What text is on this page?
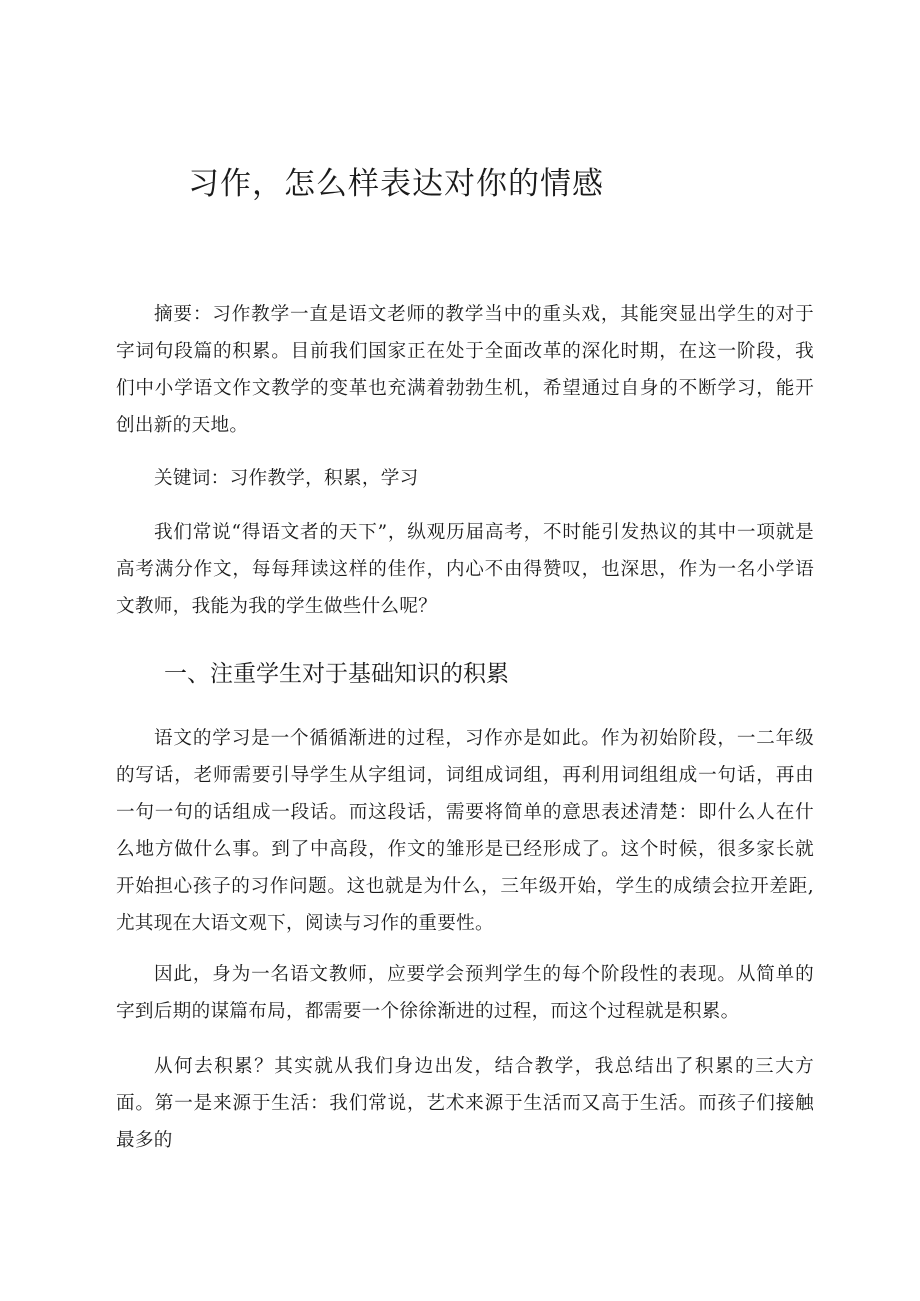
习作，怎么样表达对你的情感

摘要：习作教学一直是语文老师的教学当中的重头戏，其能突显出学生的对于字词句段篇的积累。目前我们国家正在处于全面改革的深化时期，在这一阶段，我们中小学语文作文教学的变革也充满着勃勃生机，希望通过自身的不断学习，能开创出新的天地。

关键词：习作教学，积累，学习

我们常说“得语文者的天下”，纵观历届高考，不时能引发热议的其中一项就是高考满分作文，每每拜读这样的佳作，内心不由得赞叹，也深思，作为一名小学语文教师，我能为我的学生做些什么呢？

一、注重学生对于基础知识的积累

语文的学习是一个循循渐进的过程，习作亦是如此。作为初始阶段，一二年级的写话，老师需要引导学生从字组词，词组成词组，再利用词组组成一句话，再由一句一句的话组成一段话。而这段话，需要将简单的意思表述清楚：即什么人在什么地方做什么事。到了中高段，作文的雏形是已经形成了。这个时候，很多家长就开始担心孩子的习作问题。这也就是为什么，三年级开始，学生的成绩会拉开差距,尤其现在大语文观下，阅读与习作的重要性。

因此，身为一名语文教师，应要学会预判学生的每个阶段性的表现。从简单的字到后期的谋篇布局，都需要一个徐徐渐进的过程，而这个过程就是积累。

从何去积累？其实就从我们身边出发，结合教学，我总结出了积累的三大方面。第一是来源于生活：我们常说，艺术来源于生活而又高于生活。而孩子们接触最多的
